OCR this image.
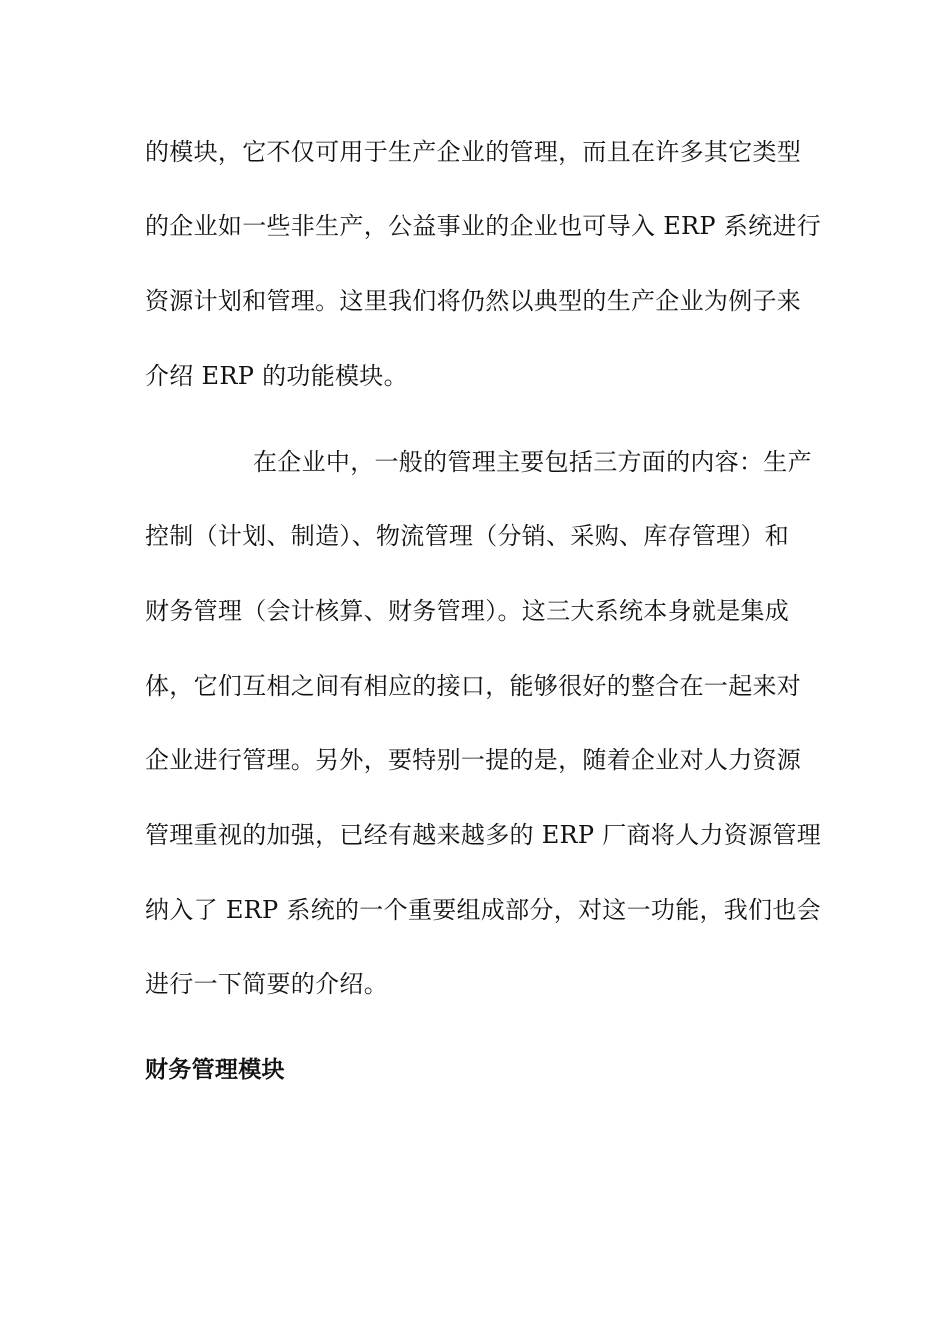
的模块，它不仅可用于生产企业的管理，而且在许多其它类型
的企业如一些非生产，公益事业的企业也可导入 ERP 系统进行
资源计划和管理。这里我们将仍然以典型的生产企业为例子来
介绍 ERP 的功能模块。
在企业中，一般的管理主要包括三方面的内容：生产
控制（计划、制造）、物流管理（分销、采购、库存管理）和
财务管理（会计核算、财务管理）。这三大系统本身就是集成
体，它们互相之间有相应的接口，能够很好的整合在一起来对
企业进行管理。另外，要特别一提的是，随着企业对人力资源
管理重视的加强，已经有越来越多的 ERP 厂商将人力资源管理
纳入了 ERP 系统的一个重要组成部分，对这一功能，我们也会
进行一下简要的介绍。
财务管理模块
